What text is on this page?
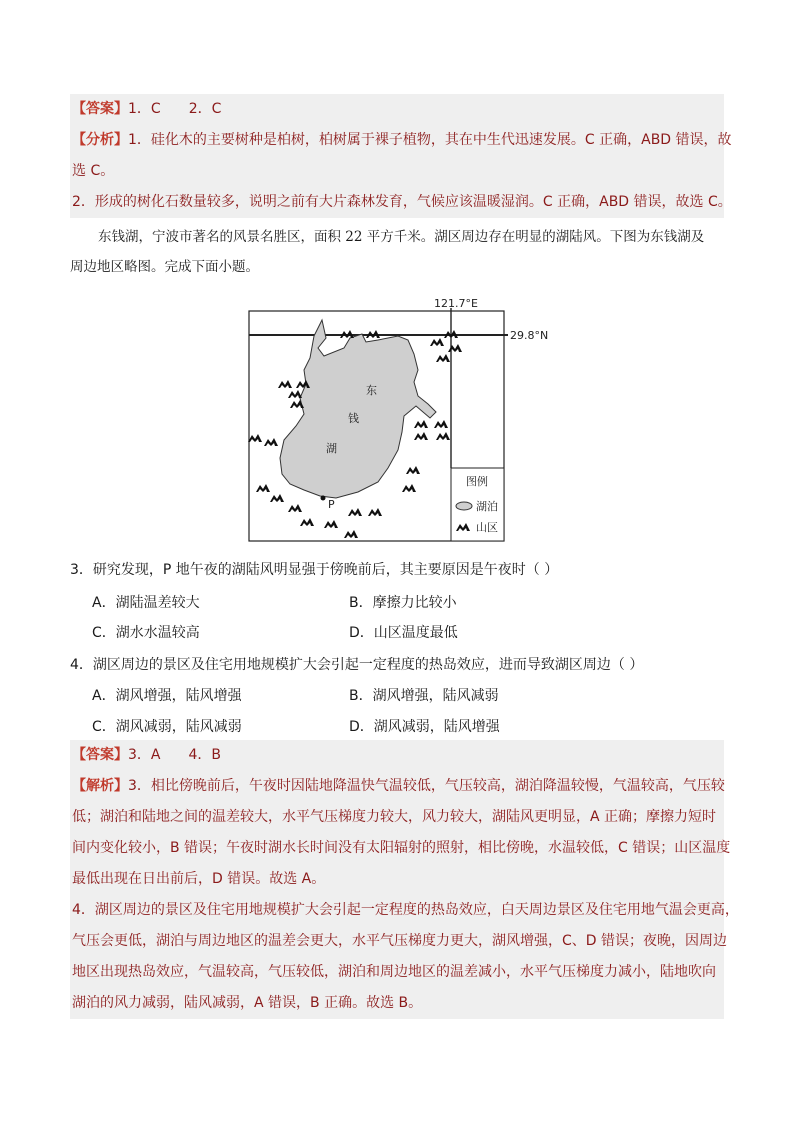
【答案】1．C 2．C
【分析】1．硅化木的主要树种是柏树，柏树属于裸子植物，其在中生代迅速发展。C 正确，ABD 错误，故
选 C。
2．形成的树化石数量较多，说明之前有大片森林发育，气候应该温暖湿润。C 正确，ABD 错误，故选 C。
东钱湖，宁波市著名的风景名胜区，面积 22 平方千米。湖区周边存在明显的湖陆风。下图为东钱湖及
周边地区略图。完成下面小题。
121.7°E
29.8°N
东
钱
湖
P
图例
湖泊
山区
3．研究发现，P 地午夜的湖陆风明显强于傍晚前后，其主要原因是午夜时（ ）
A．湖陆温差较大	B．摩擦力比较小
C．湖水水温较高	D．山区温度最低
4．湖区周边的景区及住宅用地规模扩大会引起一定程度的热岛效应，进而导致湖区周边（ ）
A．湖风增强，陆风增强	B．湖风增强，陆风减弱
C．湖风减弱，陆风减弱	D．湖风减弱，陆风增强
【答案】3．A 4．B
【解析】3．相比傍晚前后，午夜时因陆地降温快气温较低，气压较高，湖泊降温较慢，气温较高，气压较
低；湖泊和陆地之间的温差较大，水平气压梯度力较大，风力较大，湖陆风更明显，A 正确；摩擦力短时
间内变化较小，B 错误；午夜时湖水长时间没有太阳辐射的照射，相比傍晚，水温较低，C 错误；山区温度
最低出现在日出前后，D 错误。故选 A。
4．湖区周边的景区及住宅用地规模扩大会引起一定程度的热岛效应，白天周边景区及住宅用地气温会更高，
气压会更低，湖泊与周边地区的温差会更大，水平气压梯度力更大，湖风增强，C、D 错误；夜晚，因周边
地区出现热岛效应，气温较高，气压较低，湖泊和周边地区的温差减小，水平气压梯度力减小，陆地吹向
湖泊的风力减弱，陆风减弱，A 错误，B 正确。故选 B。
